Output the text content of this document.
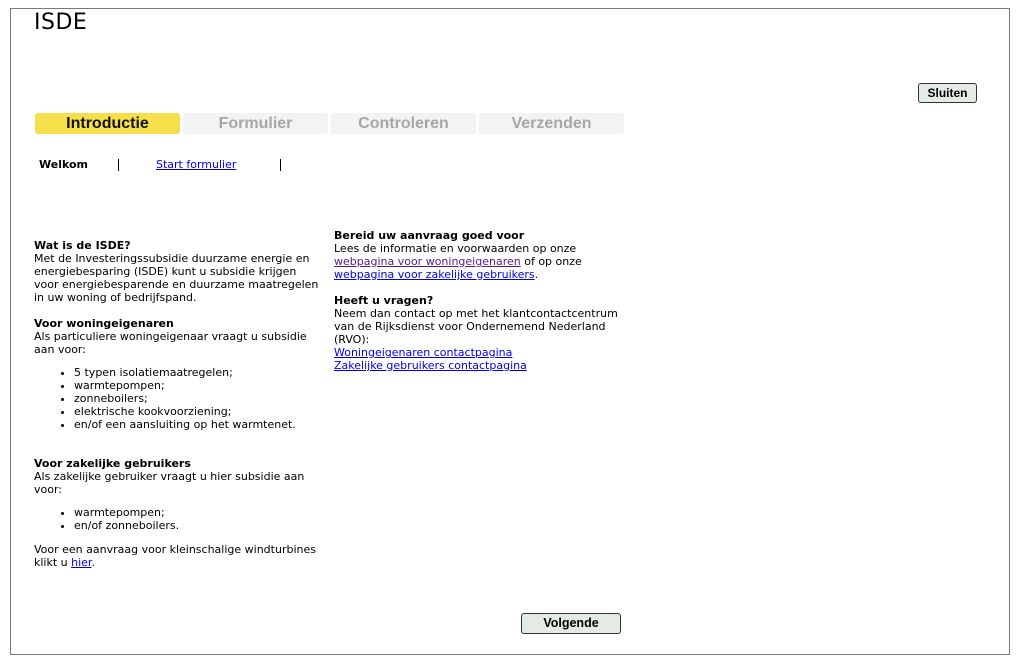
ISDE
Sluiten
Introductie	Formulier	Controleren	Verzenden
Welkom	Start formulier
Wat is de ISDE?

Met de Investeringssubsidie duurzame energie en energiebesparing (ISDE) kunt u subsidie krijgen voor energiebesparende en duurzame maatregelen in uw woning of bedrijfspand.

Voor woningeigenaren

Als particuliere woningeigenaar vraagt u subsidie aan voor:

• 5 typen isolatiemaatregelen;
• warmtepompen;
• zonneboilers;
• elektrische kookvoorziening;
• en/of een aansluiting op het warmtenet.
Voor zakelijke gebruikers

Als zakelijke gebruiker vraagt u hier subsidie aan voor:

• warmtepompen;
• en/of zonneboilers.

Voor een aanvraag voor kleinschalige windturbines klikt u hier.

Bereid uw aanvraag goed voor

Lees de informatie en voorwaarden op onze webpagina voor woningeigenaren of op onze webpagina voor zakelijke gebruikers.

Heeft u vragen?

Neem dan contact op met het klantcontactcentrum van de Rijksdienst voor Ondernemend Nederland (RVO):

Woningeigenaren contactpagina

Zakelijke gebruikers contactpagina

Volgende
